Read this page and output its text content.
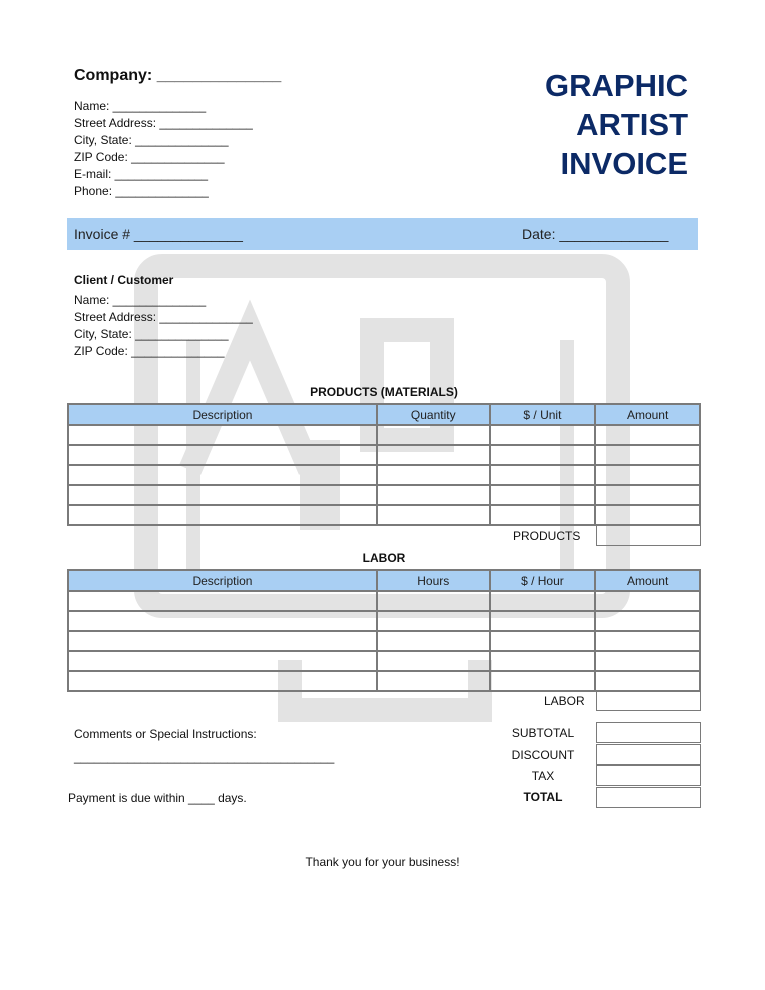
Company: ______________
Name: ______________
Street Address: ______________
City, State: ______________
ZIP Code: ______________
E-mail: ______________
Phone: ______________
GRAPHIC
ARTIST
INVOICE
Invoice # ______________	Date: ______________
Client / Customer
Name: ______________
Street Address: ______________
City, State: ______________
ZIP Code: ______________
PRODUCTS (MATERIALS)
Description	Quantity	$ / Unit	Amount

PRODUCTS
LABOR
Description	Hours	$ / Hour	Amount

LABOR
Comments or Special Instructions:
_______________________________________
Payment is due within ____ days.
SUBTOTAL
DISCOUNT
TAX
TOTAL
Thank you for your business!
